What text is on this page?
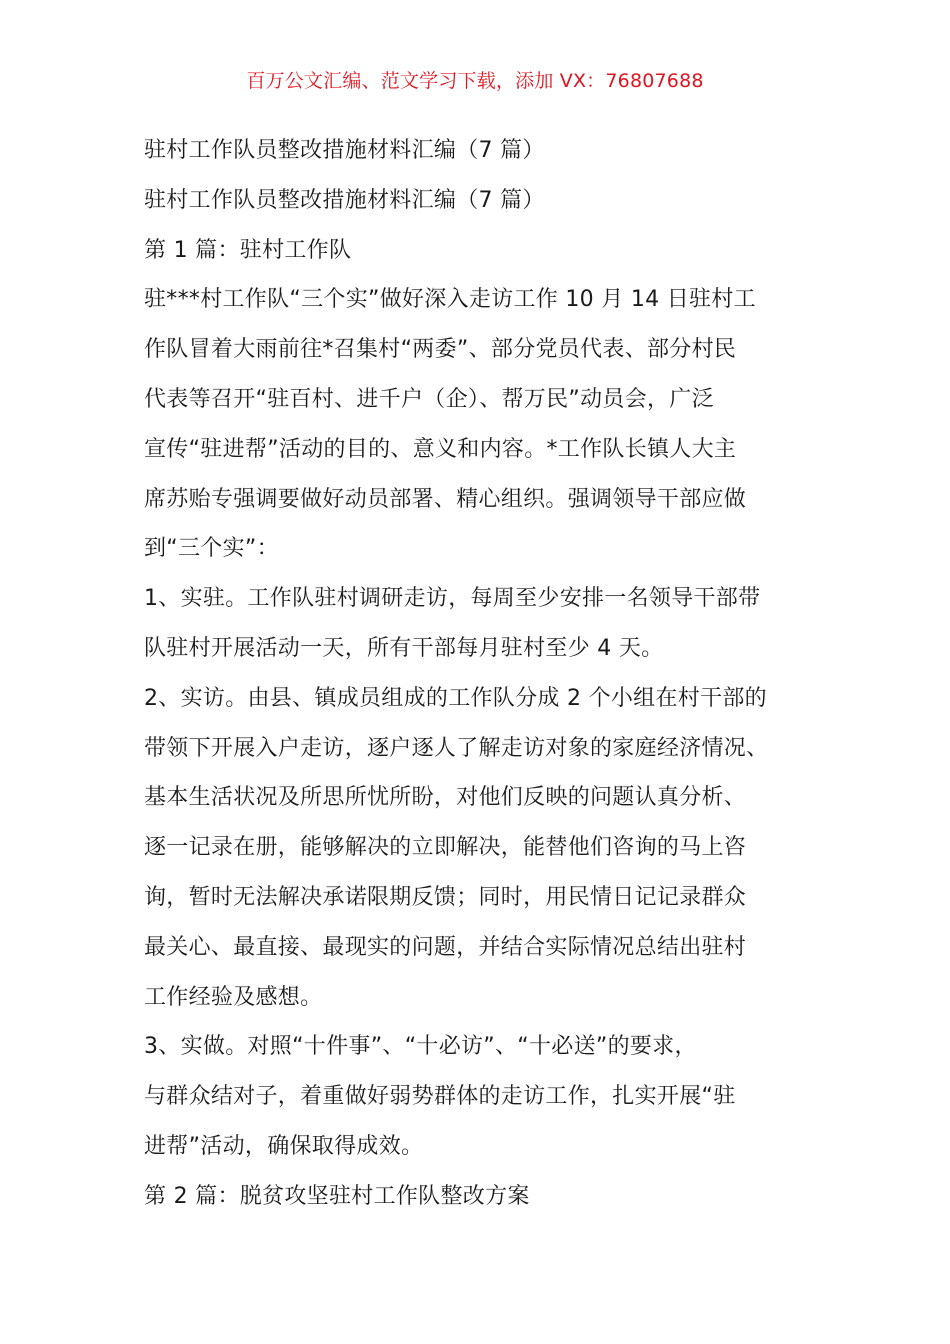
百万公文汇编、范文学习下载，添加 VX：76807688
驻村工作队员整改措施材料汇编（7 篇）
驻村工作队员整改措施材料汇编（7 篇）
第 1 篇：驻村工作队
驻***村工作队“三个实”做好深入走访工作 10 月 14 日驻村工
作队冒着大雨前往*召集村“两委”、部分党员代表、部分村民
代表等召开“驻百村、进千户（企）、帮万民”动员会，广泛
宣传“驻进帮”活动的目的、意义和内容。*工作队长镇人大主
席苏贻专强调要做好动员部署、精心组织。强调领导干部应做
到“三个实”：
1、实驻。工作队驻村调研走访，每周至少安排一名领导干部带
队驻村开展活动一天，所有干部每月驻村至少 4 天。
2、实访。由县、镇成员组成的工作队分成 2 个小组在村干部的
带领下开展入户走访，逐户逐人了解走访对象的家庭经济情况、
基本生活状况及所思所忧所盼，对他们反映的问题认真分析、
逐一记录在册，能够解决的立即解决，能替他们咨询的马上咨
询，暂时无法解决承诺限期反馈；同时，用民情日记记录群众
最关心、最直接、最现实的问题，并结合实际情况总结出驻村
工作经验及感想。
3、实做。对照“十件事”、“十必访”、“十必送”的要求，
与群众结对子，着重做好弱势群体的走访工作，扎实开展“驻
进帮”活动，确保取得成效。
第 2 篇：脱贫攻坚驻村工作队整改方案
